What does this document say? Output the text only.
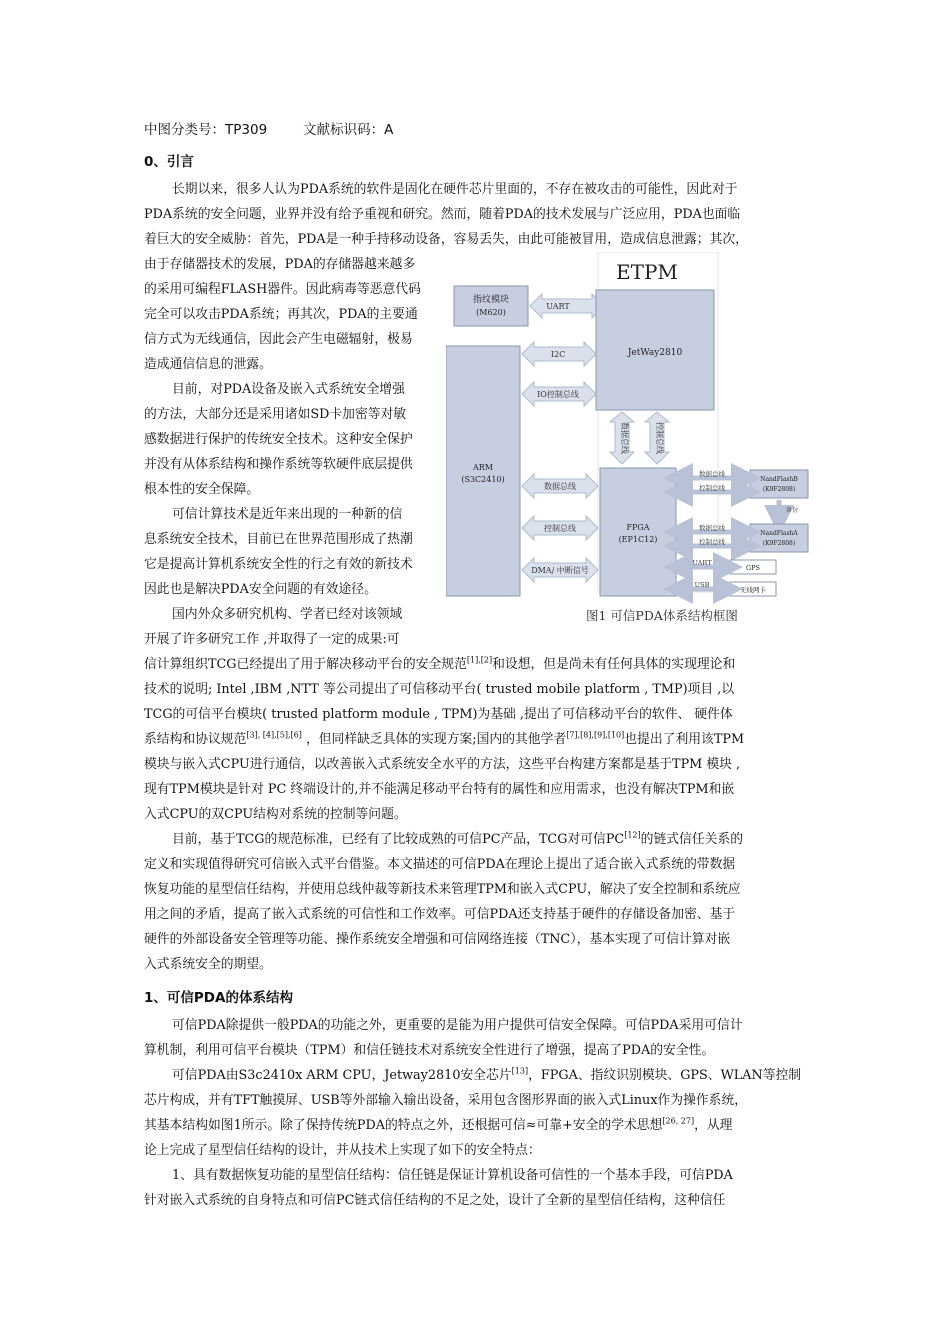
中图分类号：TP309	文献标识码：A
0、引言
长期以来，很多人认为PDA系统的软件是固化在硬件芯片里面的，不存在被攻击的可能性，因此对于
PDA系统的安全问题，业界并没有给予重视和研究。然而，随着PDA的技术发展与广泛应用，PDA也面临
着巨大的安全威胁：首先，PDA是一种手持移动设备，容易丢失，由此可能被冒用，造成信息泄露；其次，
由于存储器技术的发展，PDA的存储器越来越多
的采用可编程FLASH器件。因此病毒等恶意代码
完全可以攻击PDA系统；再其次，PDA的主要通
信方式为无线通信，因此会产生电磁辐射，极易
造成通信信息的泄露。
目前，对PDA设备及嵌入式系统安全增强
的方法，大部分还是采用诸如SD卡加密等对敏
感数据进行保护的传统安全技术。这种安全保护
并没有从体系结构和操作系统等软硬件底层提供
根本性的安全保障。
可信计算技术是近年来出现的一种新的信
息系统安全技术，目前已在世界范围形成了热潮
它是提高计算机系统安全性的行之有效的新技术
因此也是解决PDA安全问题的有效途径。
国内外众多研究机构、学者已经对该领域
开展了许多研究工作 ,并取得了一定的成果:可
信计算组织TCG已经提出了用于解决移动平台的安全规范[1],[2]和设想，但是尚未有任何具体的实现理论和
技术的说明; Intel ,IBM ,NTT 等公司提出了可信移动平台( trusted mobile platform , TMP)项目 ,以
TCG的可信平台模块( trusted platform module , TPM)为基础 ,提出了可信移动平台的软件、 硬件体
系结构和协议规范[3], [4],[5],[6] ，但同样缺乏具体的实现方案;国内的其他学者[7],[8],[9],[10]也提出了利用该TPM
模块与嵌入式CPU进行通信，以改善嵌入式系统安全水平的方法，这些平台构建方案都是基于TPM 模块 ,
现有TPM模块是针对 PC 终端设计的,并不能满足移动平台特有的属性和应用需求，也没有解决TPM和嵌
入式CPU的双CPU结构对系统的控制等问题。
目前，基于TCG的规范标准，已经有了比较成熟的可信PC产品，TCG对可信PC[12]的链式信任关系的
定义和实现值得研究可信嵌入式平台借鉴。本文描述的可信PDA在理论上提出了适合嵌入式系统的带数据
恢复功能的星型信任结构，并使用总线仲裁等新技术来管理TPM和嵌入式CPU，解决了安全控制和系统应
用之间的矛盾，提高了嵌入式系统的可信性和工作效率。可信PDA还支持基于硬件的存储设备加密、基于
硬件的外部设备安全管理等功能、操作系统安全增强和可信网络连接（TNC），基本实现了可信计算对嵌
入式系统安全的期望。
1、可信PDA的体系结构
可信PDA除提供一般PDA的功能之外，更重要的是能为用户提供可信安全保障。可信PDA采用可信计
算机制，利用可信平台模块（TPM）和信任链技术对系统安全性进行了增强，提高了PDA的安全性。
可信PDA由S3c2410x ARM CPU，Jetway2810安全芯片[13]，FPGA、指纹识别模块、GPS、WLAN等控制
芯片构成，并有TFT触摸屏、USB等外部输入输出设备，采用包含图形界面的嵌入式Linux作为操作系统，
其基本结构如图1所示。除了保持传统PDA的特点之外，还根据可信≈可靠+安全的学术思想[26, 27]，从理
论上完成了星型信任结构的设计，并从技术上实现了如下的安全特点：
1、具有数据恢复功能的星型信任结构：信任链是保证计算机设备可信性的一个基本手段，可信PDA
针对嵌入式系统的自身特点和可信PC链式信任结构的不足之处，设计了全新的星型信任结构，这种信任
ETPM
指纹模块
(M620)
UART
JetWay2810
ARM
(S3C2410)
I2C
IO控制总线
数据总线	控制总线
FPGA
(EP1C12)
数据总线
控制总线
DMA/ 中断信号
NandFlashB
(K9F2808)
数据总线
控制总线
备份
NandFlashA
(K9F2808)
数据总线
控制总线
GPS
UART
无线网卡
USB
图1 可信PDA体系结构框图
